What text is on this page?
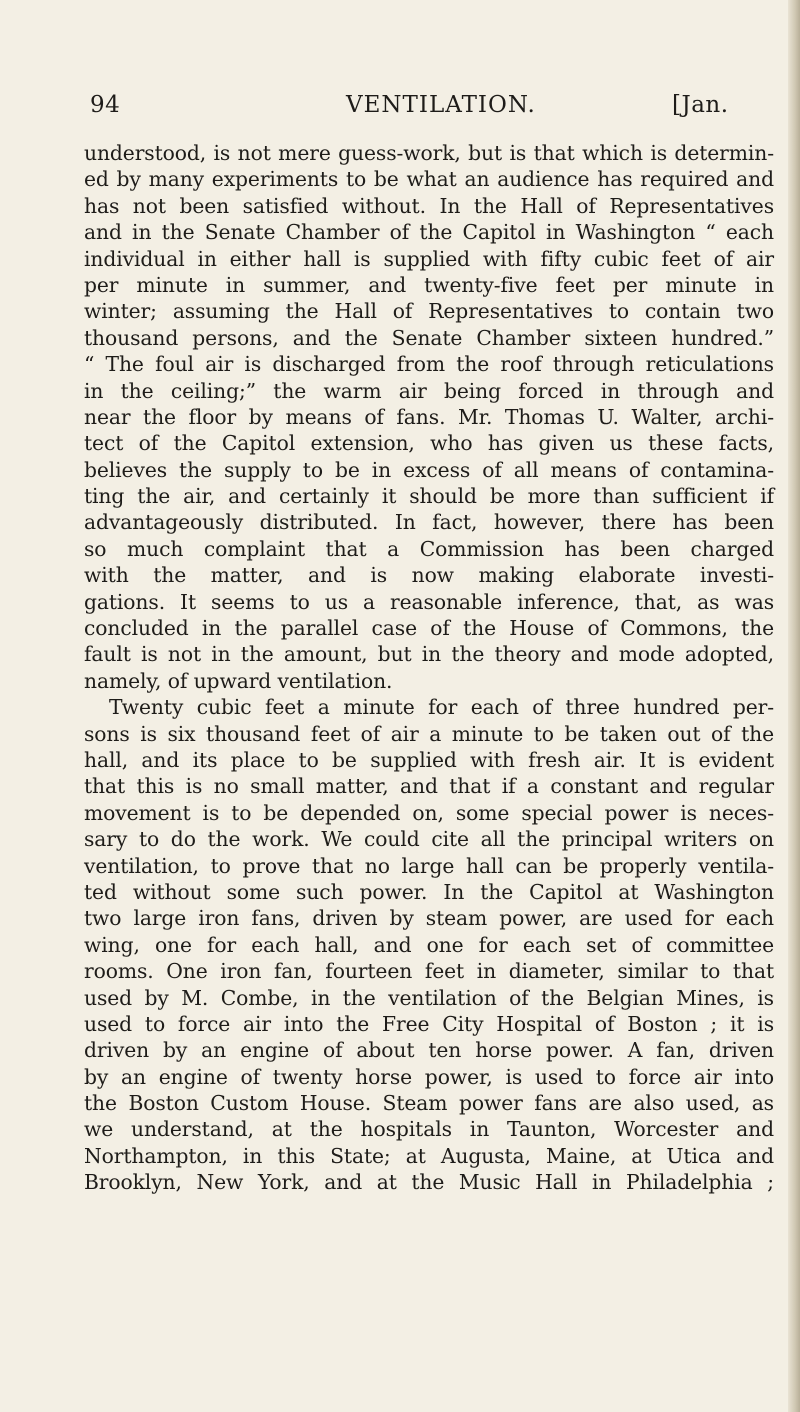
94	VENTILATION.	[Jan.
understood, is not mere guess-work, but is that which is determin-
ed by many experiments to be what an audience has required and
has not been satisfied without. In the Hall of Representatives
and in the Senate Chamber of the Capitol in Washington “ each
individual in either hall is supplied with fifty cubic feet of air
per minute in summer, and twenty-five feet per minute in
winter; assuming the Hall of Representatives to contain two
thousand persons, and the Senate Chamber sixteen hundred.”
“ The foul air is discharged from the roof through reticulations
in the ceiling;” the warm air being forced in through and
near the floor by means of fans. Mr. Thomas U. Walter, archi-
tect of the Capitol extension, who has given us these facts,
believes the supply to be in excess of all means of contamina-
ting the air, and certainly it should be more than sufficient if
advantageously distributed. In fact, however, there has been
so much complaint that a Commission has been charged
with the matter, and is now making elaborate investi-
gations. It seems to us a reasonable inference, that, as was
concluded in the parallel case of the House of Commons, the
fault is not in the amount, but in the theory and mode adopted,
namely, of upward ventilation.
Twenty cubic feet a minute for each of three hundred per-
sons is six thousand feet of air a minute to be taken out of the
hall, and its place to be supplied with fresh air. It is evident
that this is no small matter, and that if a constant and regular
movement is to be depended on, some special power is neces-
sary to do the work. We could cite all the principal writers on
ventilation, to prove that no large hall can be properly ventila-
ted without some such power. In the Capitol at Washington
two large iron fans, driven by steam power, are used for each
wing, one for each hall, and one for each set of committee
rooms. One iron fan, fourteen feet in diameter, similar to that
used by M. Combe, in the ventilation of the Belgian Mines, is
used to force air into the Free City Hospital of Boston ; it is
driven by an engine of about ten horse power. A fan, driven
by an engine of twenty horse power, is used to force air into
the Boston Custom House. Steam power fans are also used, as
we understand, at the hospitals in Taunton, Worcester and
Northampton, in this State; at Augusta, Maine, at Utica and
Brooklyn, New York, and at the Music Hall in Philadelphia ;
